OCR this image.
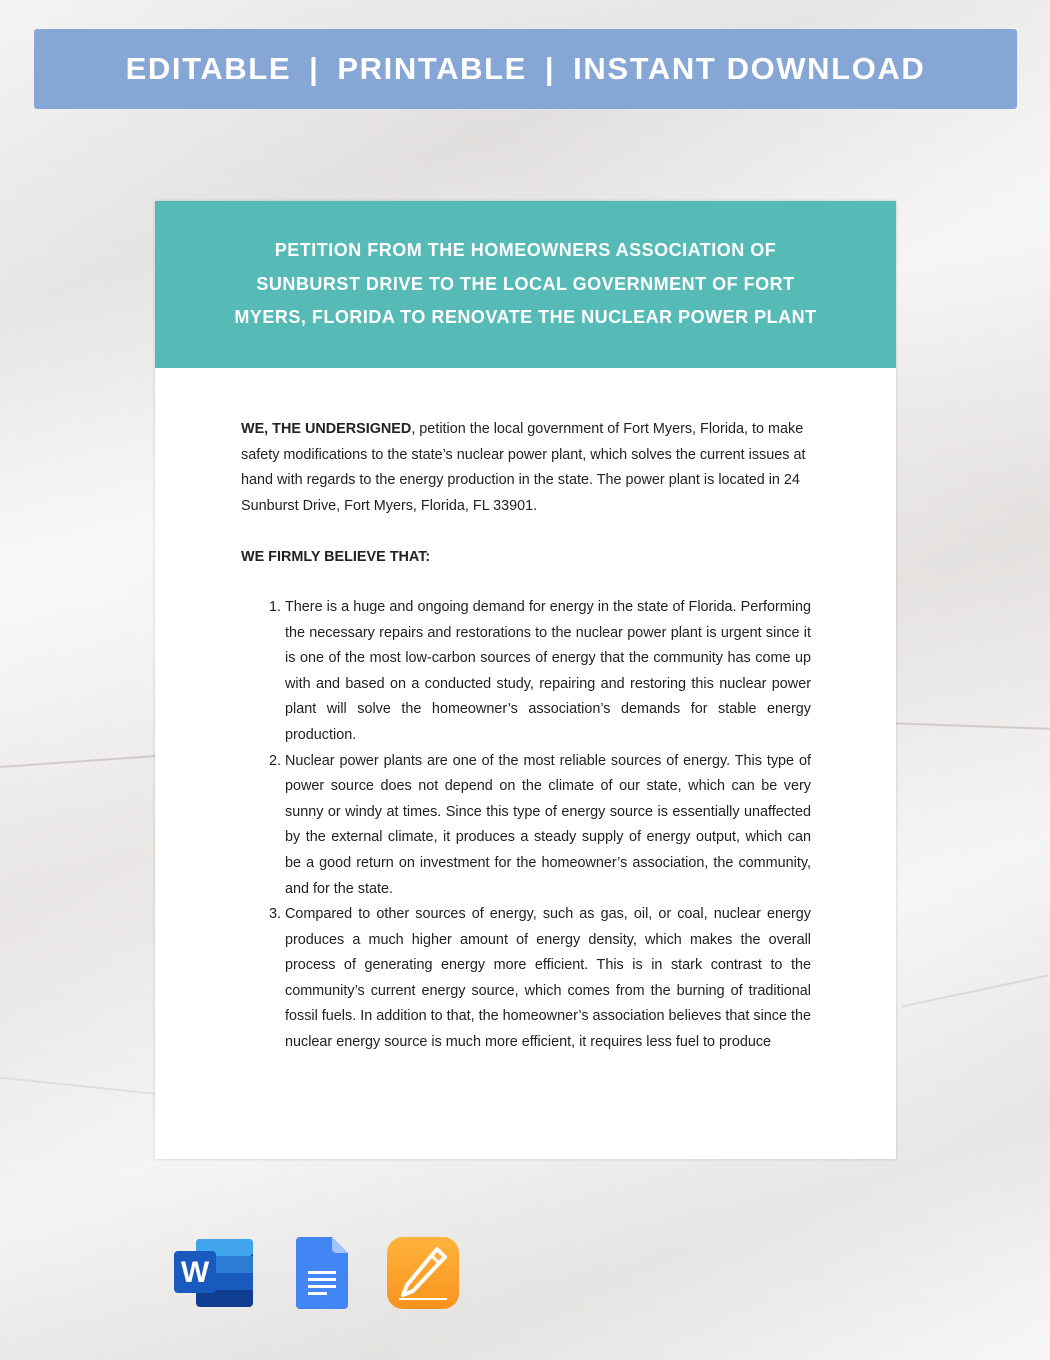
EDITABLE | PRINTABLE | INSTANT DOWNLOAD
PETITION FROM THE HOMEOWNERS ASSOCIATION OF
SUNBURST DRIVE TO THE LOCAL GOVERNMENT OF FORT
MYERS, FLORIDA TO RENOVATE THE NUCLEAR POWER PLANT

WE, THE UNDERSIGNED, petition the local government of Fort Myers, Florida, to make safety modifications to the state’s nuclear power plant, which solves the current issues at hand with regards to the energy production in the state. The power plant is located in 24 Sunburst Drive, Fort Myers, Florida, FL 33901.

WE FIRMLY BELIEVE THAT:

1. There is a huge and ongoing demand for energy in the state of Florida. Performing the necessary repairs and restorations to the nuclear power plant is urgent since it is one of the most low-carbon sources of energy that the community has come up with and based on a conducted study, repairing and restoring this nuclear power plant will solve the homeowner’s association’s demands for stable energy production.
2. Nuclear power plants are one of the most reliable sources of energy. This type of power source does not depend on the climate of our state, which can be very sunny or windy at times. Since this type of energy source is essentially unaffected by the external climate, it produces a steady supply of energy output, which can be a good return on investment for the homeowner’s association, the community, and for the state.
3. Compared to other sources of energy, such as gas, oil, or coal, nuclear energy produces a much higher amount of energy density, which makes the overall process of generating energy more efficient. This is in stark contrast to the community’s current energy source, which comes from the burning of traditional fossil fuels. In addition to that, the homeowner’s association believes that since the nuclear energy source is much more efficient, it requires less fuel to produce
W
